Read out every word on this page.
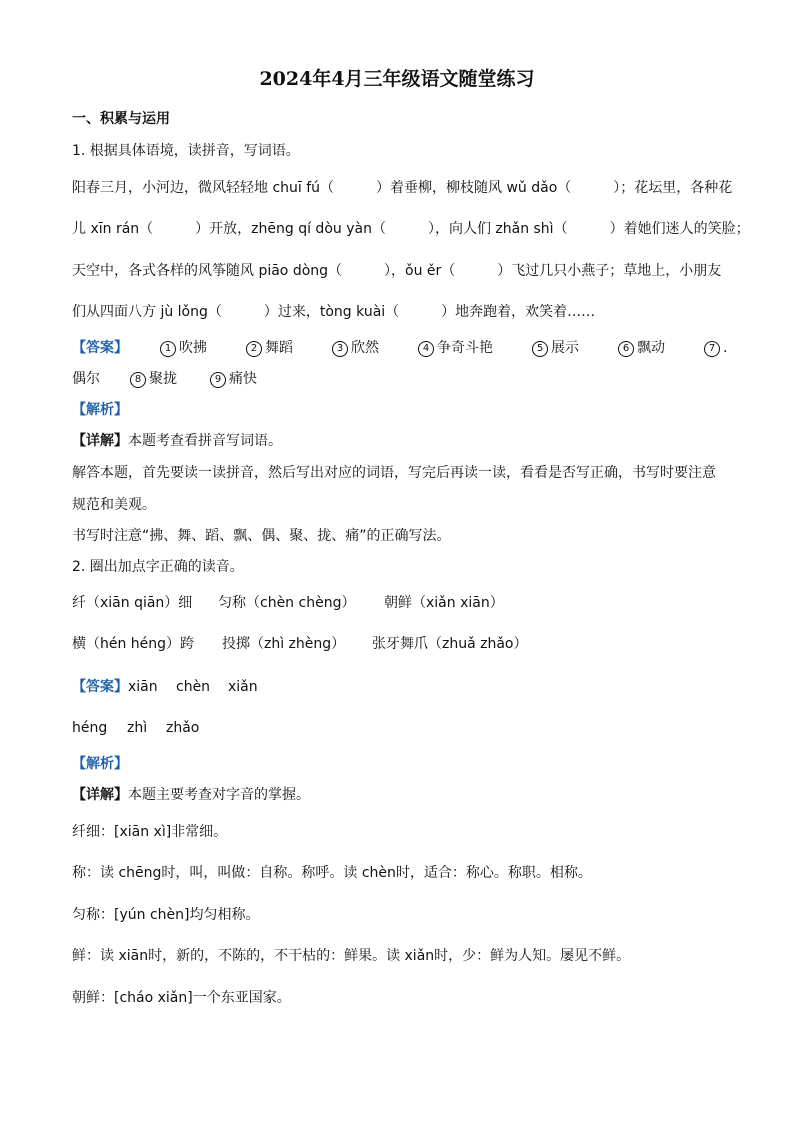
2024年4月三年级语文随堂练习
一、积累与运用
1. 根据具体语境，读拼音，写词语。
阳春三月，小河边，微风轻轻地 chuī fú（　　　）着垂柳，柳枝随风 wǔ dǎo（　　　）；花坛里，各种花
儿 xīn rán（　　　）开放，zhēng qí dòu yàn（　　　），向人们 zhǎn shì（　　　）着她们迷人的笑脸；
天空中，各式各样的风筝随风 piāo dòng（　　　），ǒu ěr（　　　）飞过几只小燕子；草地上，小朋友
们从四面八方 jù lǒng（　　　）过来，tòng kuài（　　　）地奔跑着，欢笑着……
【答案】	1 吹拂	2 舞蹈	3 欣然	4 争奇斗艳	5 展示	6 飘动	7 .
偶尔	8 聚拢	9 痛快
【解析】
【详解】本题考查看拼音写词语。
解答本题，首先要读一读拼音，然后写出对应的词语，写完后再读一读，看看是否写正确，书写时要注意
规范和美观。
书写时注意“拂、舞、蹈、飘、偶、聚、拢、痛”的正确写法。
2. 圈出加点字正确的读音。
纤（xiān qiān）细 匀称（chèn chèng） 朝鲜（xiǎn xiān）
横（hén héng）跨 投掷（zhì zhèng） 张牙舞爪（zhuǎ zhǎo）
【答案】 xiān chèn xiǎn
héng zhì zhǎo
【解析】
【详解】本题主要考查对字音的掌握。
纤细：[xiān xì]非常细。
称：读 chēng时，叫，叫做：自称。称呼。读 chèn时，适合：称心。称职。相称。
匀称：[yún chèn]均匀相称。
鲜：读 xiān时，新的，不陈的，不干枯的：鲜果。读 xiǎn时，少：鲜为人知。屡见不鲜。
朝鲜：[cháo xiǎn]一个东亚国家。
